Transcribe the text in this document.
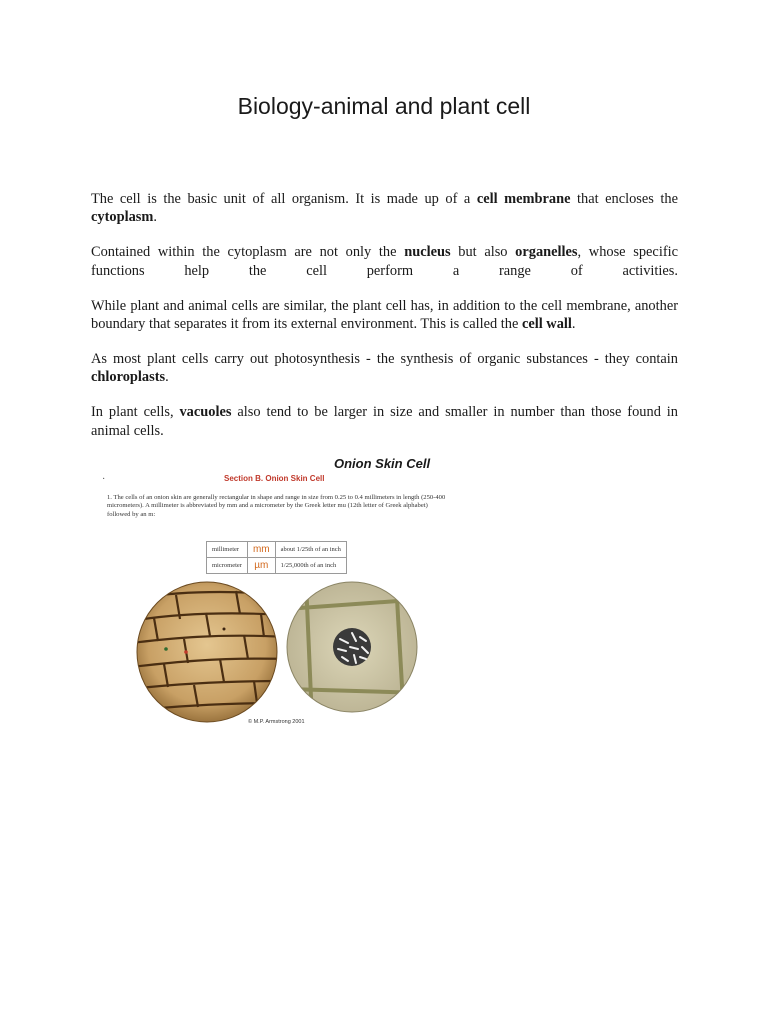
Biology-animal and plant cell

The cell is the basic unit of all organism. It is made up of a cell membrane that encloses the cytoplasm.

Contained within the cytoplasm are not only the nucleus but also organelles, whose specific functions help the cell perform a range of activities.

While plant and animal cells are similar, the plant cell has, in addition to the cell membrane, another boundary that separates it from its external environment. This is called the cell wall.

As most plant cells carry out photosynthesis - the synthesis of organic substances - they contain chloroplasts.

In plant cells, vacuoles also tend to be larger in size and smaller in number than those found in animal cells.

Onion Skin Cell
·	Section B. Onion Skin Cell
1. The cells of an onion skin are generally rectangular in shape and range in size from 0.25 to 0.4 millimeters in length (250-400 micrometers). A millimeter is abbreviated by mm and a micrometer by the Greek letter mu (12th letter of Greek alphabet) followed by an m:
millimeter	mm	about 1/25th of an inch
micrometer	µm	1/25,000th of an inch
© M.P. Armstrong 2001
